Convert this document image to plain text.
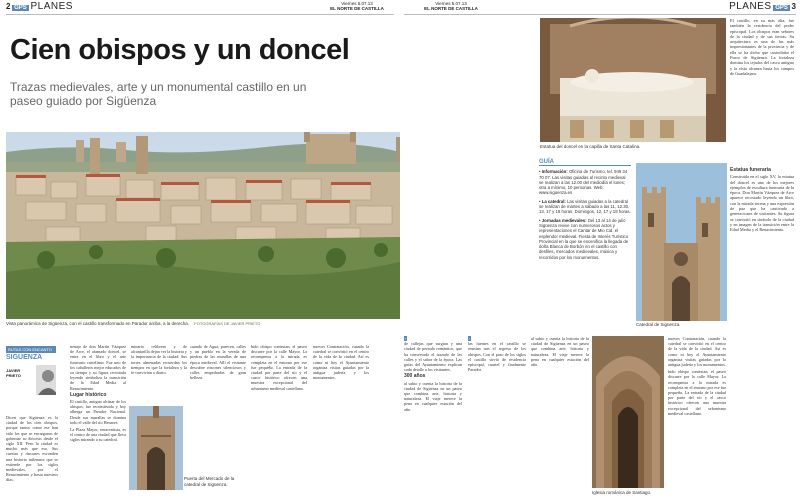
2 GPS PLANES	Viernes 5.07.13
EL NORTE DE CASTILLA
Cien obispos y un doncel
Trazas medievales, arte y un monumental castillo en un paseo guiado por Sigüenza
Vista panorámica de Sigüenza, con el castillo transformado en Parador arriba, a la derecha. FOTOGRAFÍAS DE JAVIER PRIETO
RUTAS CON ENCANTO
SIGÜENZA
JAVIER PRIETO

Dicen que Sigüenza es la ciudad de los cien obispos, porque tantos como ese han sido los que se encargaron de gobernar su diócesis desde el siglo XII. Pero la ciudad es mucho más que eso. Sus cuestas y rincones esconden una historia milenaria que se extiende por los siglos medievales, por el Renacimiento y hasta nuestros días.

nenaje de don Martín Vázquez de Arce, el afamado doncel, se entra en el libro y el arte funerario castellano. Fue uno de los caballeros mejor educados de su tiempo y su figura recostada leyendo simboliza la transición de la Edad Media al Renacimiento.

Lugar histórico

El castillo, antiguo alcázar de los obispos, fue reconstruido y hoy alberga un Parador Nacional. Desde sus murallas se domina todo el valle del río Henares.

La Plaza Mayor, renacentista, es el centro de una ciudad que lleva siglos mirando a su catedral.

minario celibrero y de alcantarilla dejan ver la historia y la importancia de la ciudad. Sus torres almenadas recuerdan los tiempos en que la fortaleza y la fe convivían a diario.

Puerta del Mercado de la catedral de Sigüenza.

cuando de Agua, parecen, calles y un pueblo en la vereda de piedras de las murallas de una época medieval. Allí el visitante descubre rincones silenciosos y calles empedradas de gran belleza.

bido obispo contestan, el paseo discurre por la calle Mayor. La recompensa a la mirada es completa en el entorno por ese fue pequeño. La entrada de la ciudad por parte del río y el casco histórico ofrecen una muestra excepcional del urbanismo medieval castellano.

nuevos Contratación, cuando la catedral se convirtió en el centro de la vida de la ciudad. Así es como ni hoy el Ayuntamiento organiza visitas guiadas por la antigua judería y los monumentos.

Viernes 5.07.13
EL NORTE DE CASTILLA	PLANES GPS 3
Estatua del doncel en la capilla de Santa Catalina.
GUÍA

• Información: Oficina de Turismo, tel. 949 34 70 07. Las visitas guiadas al recinto medieval se realizan a las 12.00 del mediodía el lunes; otra a mínimo, 10 personas. Web: www.siguenza.es

• La catedral: Las visitas guiadas a la catedral se realizan de martes a sábado a las 11, 12.30, 13, 17 y 18 horas. Domingos, 12, 17 y 18 horas.

• Jornadas medievales: Del 13 al 14 de julio Sigüenza revive con numerosos actos y representaciones el Cantar de Mio Cid, el esplendor medieval. Fiesta de Interés Turístico Provincial en la que se escenifica la llegada de doña Blanca de Borbón en el castillo con desfiles, mercados medievales, música y recorridos por los monumentos.

Catedral de Sigüenza.

El castillo, en su más alta, fue también la residencia del poder episcopal. Los obispos eran señores de la ciudad y de sus tierras. Su arquitectura es una de las más impresionantes de la provincia y de ella se ha dicho que custodiaba el Fuero de Sigüenza. La fortaleza domina los tejados del casco antiguo y la vista alcanza hasta los campos de Guadalajara.

Estatua funeraria

Construida en el siglo XV, la estatua del doncel es uno de los mejores ejemplos de escultura funeraria de la época. Don Martín Vázquez de Arce aparece recostado leyendo un libro, con la mirada serena y una expresión de paz que ha cautivado a generaciones de visitantes. Su figura se convirtió en símbolo de la ciudad y en imagen de la transición entre la Edad Media y el Renacimiento.

›

de callejas que surgían y una ciudad de periodo romántico, que ha conservado el trazado de las calles y el sabor de la época. Las guías del Ayuntamiento explican cada detalle a los visitantes.

300 años

al sabio y cuenta la historia de la ciudad de Sigüenza en un paseo que combina arte, historia y naturaleza. El viaje merece la pena en cualquier estación del año.

›

las fuentes en el castillo se reunían tras el regreso de los obispos. Con el paso de los siglos el castillo sirvió de residencia episcopal, cuartel y finalmente Parador.

al sabio y cuenta la historia de la ciudad de Sigüenza en un paseo que combina arte, historia y naturaleza. El viaje merece la pena en cualquier estación del año.

Iglesia románica de Santiago.

nuevos Contratación, cuando la catedral se convirtió en el centro de la vida de la ciudad. Así es como ni hoy el Ayuntamiento organiza visitas guiadas por la antigua judería y los monumentos.

bido obispo contestan, el paseo discurre por la calle Mayor. La recompensa a la mirada es completa en el entorno por ese fue pequeño. La entrada de la ciudad por parte del río y el casco histórico ofrecen una muestra excepcional del urbanismo medieval castellano.
